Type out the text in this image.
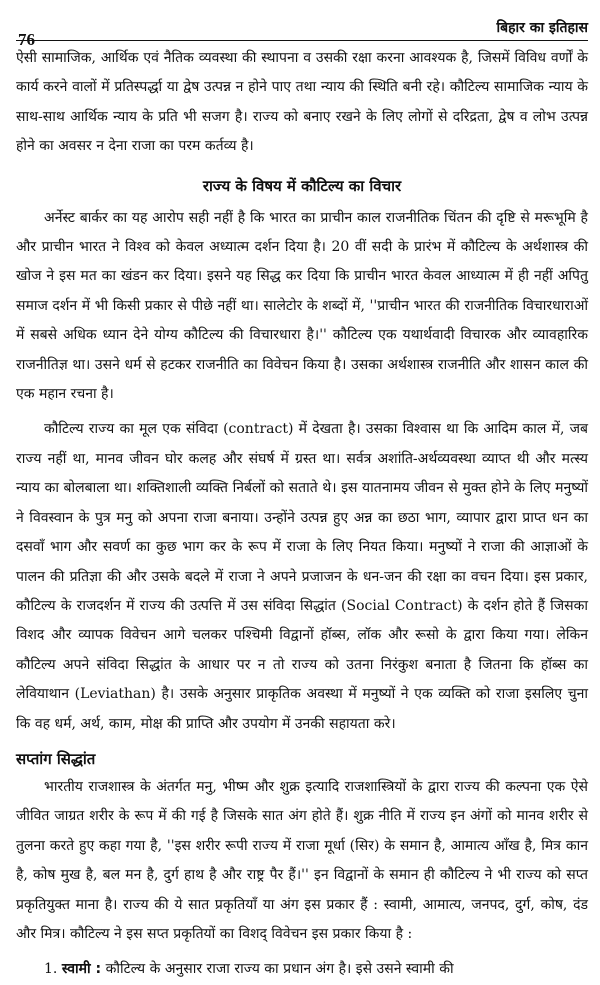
76
बिहार का इतिहास

ऐसी सामाजिक, आर्थिक एवं नैतिक व्यवस्था की स्थापना व उसकी रक्षा करना आवश्यक है, जिसमें विविध वर्णों के कार्य करने वालों में प्रतिस्पर्द्धा या द्वेष उत्पन्न न होने पाए तथा न्याय की स्थिति बनी रहे। कौटिल्य सामाजिक न्याय के साथ-साथ आर्थिक न्याय के प्रति भी सजग है। राज्य को बनाए रखने के लिए लोगों से दरिद्रता, द्वेष व लोभ उत्पन्न होने का अवसर न देना राजा का परम कर्तव्य है।

राज्य के विषय में कौटिल्य का विचार

अर्नेस्ट बार्कर का यह आरोप सही नहीं है कि भारत का प्राचीन काल राजनीतिक चिंतन की दृष्टि से मरूभूमि है और प्राचीन भारत ने विश्व को केवल अध्यात्म दर्शन दिया है। 20 वीं सदी के प्रारंभ में कौटिल्य के अर्थशास्त्र की खोज ने इस मत का खंडन कर दिया। इसने यह सिद्ध कर दिया कि प्राचीन भारत केवल आध्यात्म में ही नहीं अपितु समाज दर्शन में भी किसी प्रकार से पीछे नहीं था। सालेटोर के शब्दों में, ''प्राचीन भारत की राजनीतिक विचारधाराओं में सबसे अधिक ध्यान देने योग्य कौटिल्य की विचारधारा है।'' कौटिल्य एक यथार्थवादी विचारक और व्यावहारिक राजनीतिज्ञ था। उसने धर्म से हटकर राजनीति का विवेचन किया है। उसका अर्थशास्त्र राजनीति और शासन काल की एक महान रचना है।

कौटिल्य राज्य का मूल एक संविदा (contract) में देखता है। उसका विश्वास था कि आदिम काल में, जब राज्य नहीं था, मानव जीवन घोर कलह और संघर्ष में ग्रस्त था। सर्वत्र अशांति-अर्थव्यवस्था व्याप्त थी और मत्स्य न्याय का बोलबाला था। शक्तिशाली व्यक्ति निर्बलों को सताते थे। इस यातनामय जीवन से मुक्त होने के लिए मनुष्यों ने विवस्वान के पुत्र मनु को अपना राजा बनाया। उन्होंने उत्पन्न हुए अन्न का छठा भाग, व्यापार द्वारा प्राप्त धन का दसवाँ भाग और सवर्ण का कुछ भाग कर के रूप में राजा के लिए नियत किया। मनुष्यों ने राजा की आज्ञाओं के पालन की प्रतिज्ञा की और उसके बदले में राजा ने अपने प्रजाजन के धन-जन की रक्षा का वचन दिया। इस प्रकार, कौटिल्य के राजदर्शन में राज्य की उत्पत्ति में उस संविदा सिद्धांत (Social Contract) के दर्शन होते हैं जिसका विशद और व्यापक विवेचन आगे चलकर पश्चिमी विद्वानों हॉब्स, लॉक और रूसो के द्वारा किया गया। लेकिन कौटिल्य अपने संविदा सिद्धांत के आधार पर न तो राज्य को उतना निरंकुश बनाता है जितना कि हॉब्स का लेवियाथान (Leviathan) है। उसके अनुसार प्राकृतिक अवस्था में मनुष्यों ने एक व्यक्ति को राजा इसलिए चुना कि वह धर्म, अर्थ, काम, मोक्ष की प्राप्ति और उपयोग में उनकी सहायता करे।

सप्तांग सिद्धांत

भारतीय राजशास्त्र के अंतर्गत मनु, भीष्म और शुक्र इत्यादि राजशास्त्रियों के द्वारा राज्य की कल्पना एक ऐसे जीवित जाग्रत शरीर के रूप में की गई है जिसके सात अंग होते हैं। शुक्र नीति में राज्य इन अंगों को मानव शरीर से तुलना करते हुए कहा गया है, ''इस शरीर रूपी राज्य में राजा मूर्धा (सिर) के समान है, आमात्य आँख है, मित्र कान है, कोष मुख है, बल मन है, दुर्ग हाथ है और राष्ट्र पैर हैं।'' इन विद्वानों के समान ही कौटिल्य ने भी राज्य को सप्त प्रकृतियुक्त माना है। राज्य की ये सात प्रकृतियाँ या अंग इस प्रकार हैं : स्वामी, आमात्य, जनपद, दुर्ग, कोष, दंड और मित्र। कौटिल्य ने इस सप्त प्रकृतियों का विशद् विवेचन इस प्रकार किया है :

1. स्वामी : कौटिल्य के अनुसार राजा राज्य का प्रधान अंग है। इसे उसने स्वामी की
